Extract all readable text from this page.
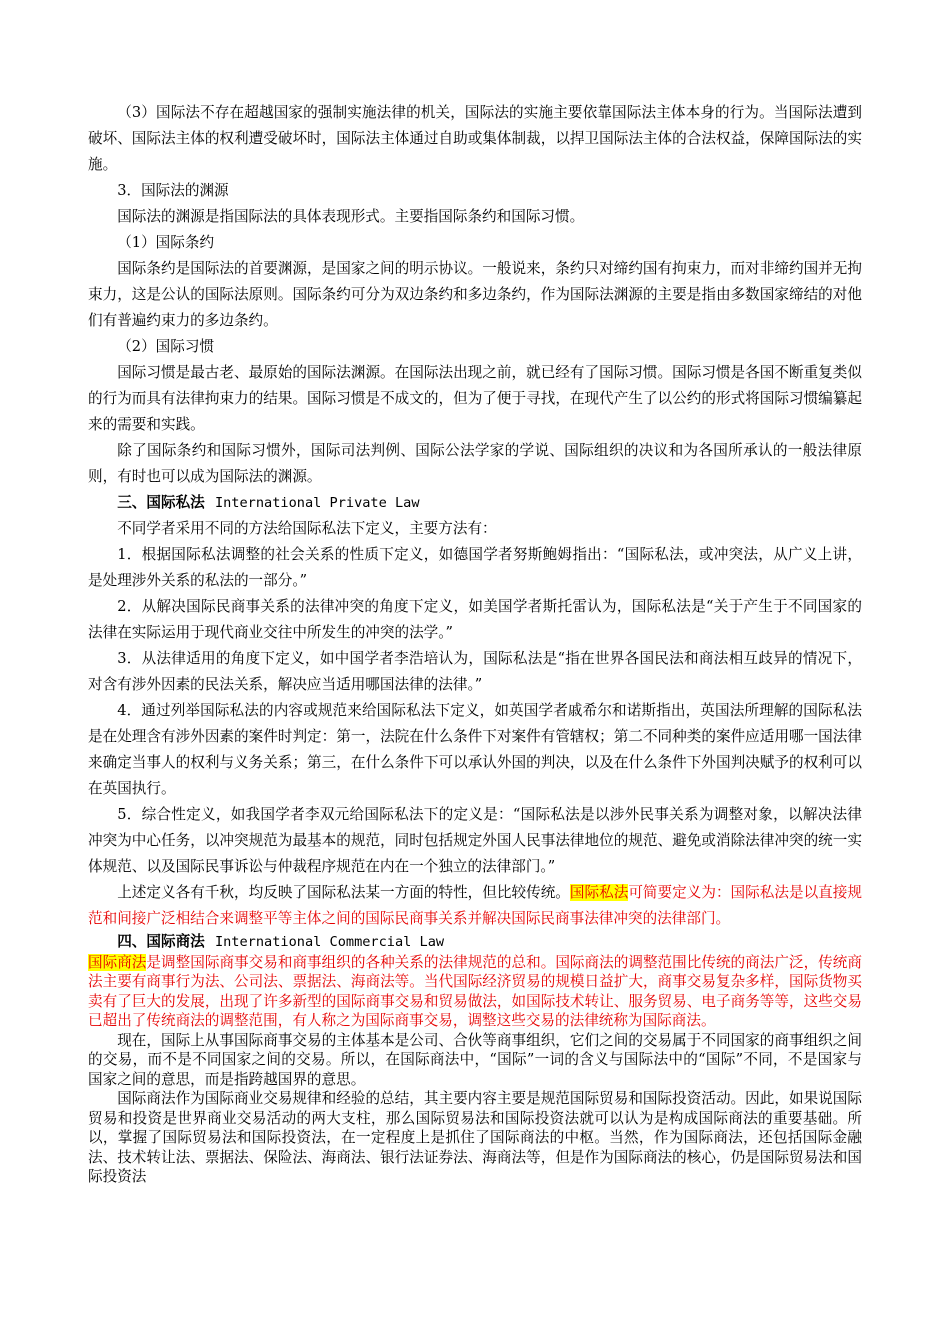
（3）国际法不存在超越国家的强制实施法律的机关，国际法的实施主要依靠国际法主体本身的行为。当国际法遭到破坏、国际法主体的权利遭受破坏时，国际法主体通过自助或集体制裁，以捍卫国际法主体的合法权益，保障国际法的实施。

3．国际法的渊源

国际法的渊源是指国际法的具体表现形式。主要指国际条约和国际习惯。

（1）国际条约

国际条约是国际法的首要渊源，是国家之间的明示协议。一般说来，条约只对缔约国有拘束力，而对非缔约国并无拘束力，这是公认的国际法原则。国际条约可分为双边条约和多边条约，作为国际法渊源的主要是指由多数国家缔结的对他们有普遍约束力的多边条约。

（2）国际习惯

国际习惯是最古老、最原始的国际法渊源。在国际法出现之前，就已经有了国际习惯。国际习惯是各国不断重复类似的行为而具有法律拘束力的结果。国际习惯是不成文的，但为了便于寻找，在现代产生了以公约的形式将国际习惯编纂起来的需要和实践。

除了国际条约和国际习惯外，国际司法判例、国际公法学家的学说、国际组织的决议和为各国所承认的一般法律原则，有时也可以成为国际法的渊源。

三、国际私法 International Private Law

不同学者采用不同的方法给国际私法下定义，主要方法有：

1．根据国际私法调整的社会关系的性质下定义，如德国学者努斯鲍姆指出：“国际私法，或冲突法，从广义上讲，是处理涉外关系的私法的一部分。”

2．从解决国际民商事关系的法律冲突的角度下定义，如美国学者斯托雷认为，国际私法是“关于产生于不同国家的法律在实际运用于现代商业交往中所发生的冲突的法学。”

3．从法律适用的角度下定义，如中国学者李浩培认为，国际私法是“指在世界各国民法和商法相互歧异的情况下，对含有涉外因素的民法关系，解决应当适用哪国法律的法律。”

4．通过列举国际私法的内容或规范来给国际私法下定义，如英国学者戚希尔和诺斯指出，英国法所理解的国际私法是在处理含有涉外因素的案件时判定：第一，法院在什么条件下对案件有管辖权；第二不同种类的案件应适用哪一国法律来确定当事人的权利与义务关系；第三，在什么条件下可以承认外国的判决，以及在什么条件下外国判决赋予的权利可以在英国执行。

5．综合性定义，如我国学者李双元给国际私法下的定义是：“国际私法是以涉外民事关系为调整对象，以解决法律冲突为中心任务，以冲突规范为最基本的规范，同时包括规定外国人民事法律地位的规范、避免或消除法律冲突的统一实体规范、以及国际民事诉讼与仲裁程序规范在内在一个独立的法律部门。”

上述定义各有千秋，均反映了国际私法某一方面的特性，但比较传统。国际私法可简要定义为：国际私法是以直接规范和间接广泛相结合来调整平等主体之间的国际民商事关系并解决国际民商事法律冲突的法律部门。

四、国际商法 International Commercial Law

国际商法是调整国际商事交易和商事组织的各种关系的法律规范的总和。国际商法的调整范围比传统的商法广泛，传统商法主要有商事行为法、公司法、票据法、海商法等。当代国际经济贸易的规模日益扩大，商事交易复杂多样，国际货物买卖有了巨大的发展，出现了许多新型的国际商事交易和贸易做法，如国际技术转让、服务贸易、电子商务等等，这些交易已超出了传统商法的调整范围，有人称之为国际商事交易，调整这些交易的法律统称为国际商法。

现在，国际上从事国际商事交易的主体基本是公司、合伙等商事组织，它们之间的交易属于不同国家的商事组织之间的交易，而不是不同国家之间的交易。所以，在国际商法中，“国际”一词的含义与国际法中的“国际”不同，不是国家与国家之间的意思，而是指跨越国界的意思。

国际商法作为国际商业交易规律和经验的总结，其主要内容主要是规范国际贸易和国际投资活动。因此，如果说国际贸易和投资是世界商业交易活动的两大支柱，那么国际贸易法和国际投资法就可以认为是构成国际商法的重要基础。所以，掌握了国际贸易法和国际投资法，在一定程度上是抓住了国际商法的中枢。当然，作为国际商法，还包括国际金融法、技术转让法、票据法、保险法、海商法、银行法证券法、海商法等，但是作为国际商法的核心，仍是国际贸易法和国际投资法
